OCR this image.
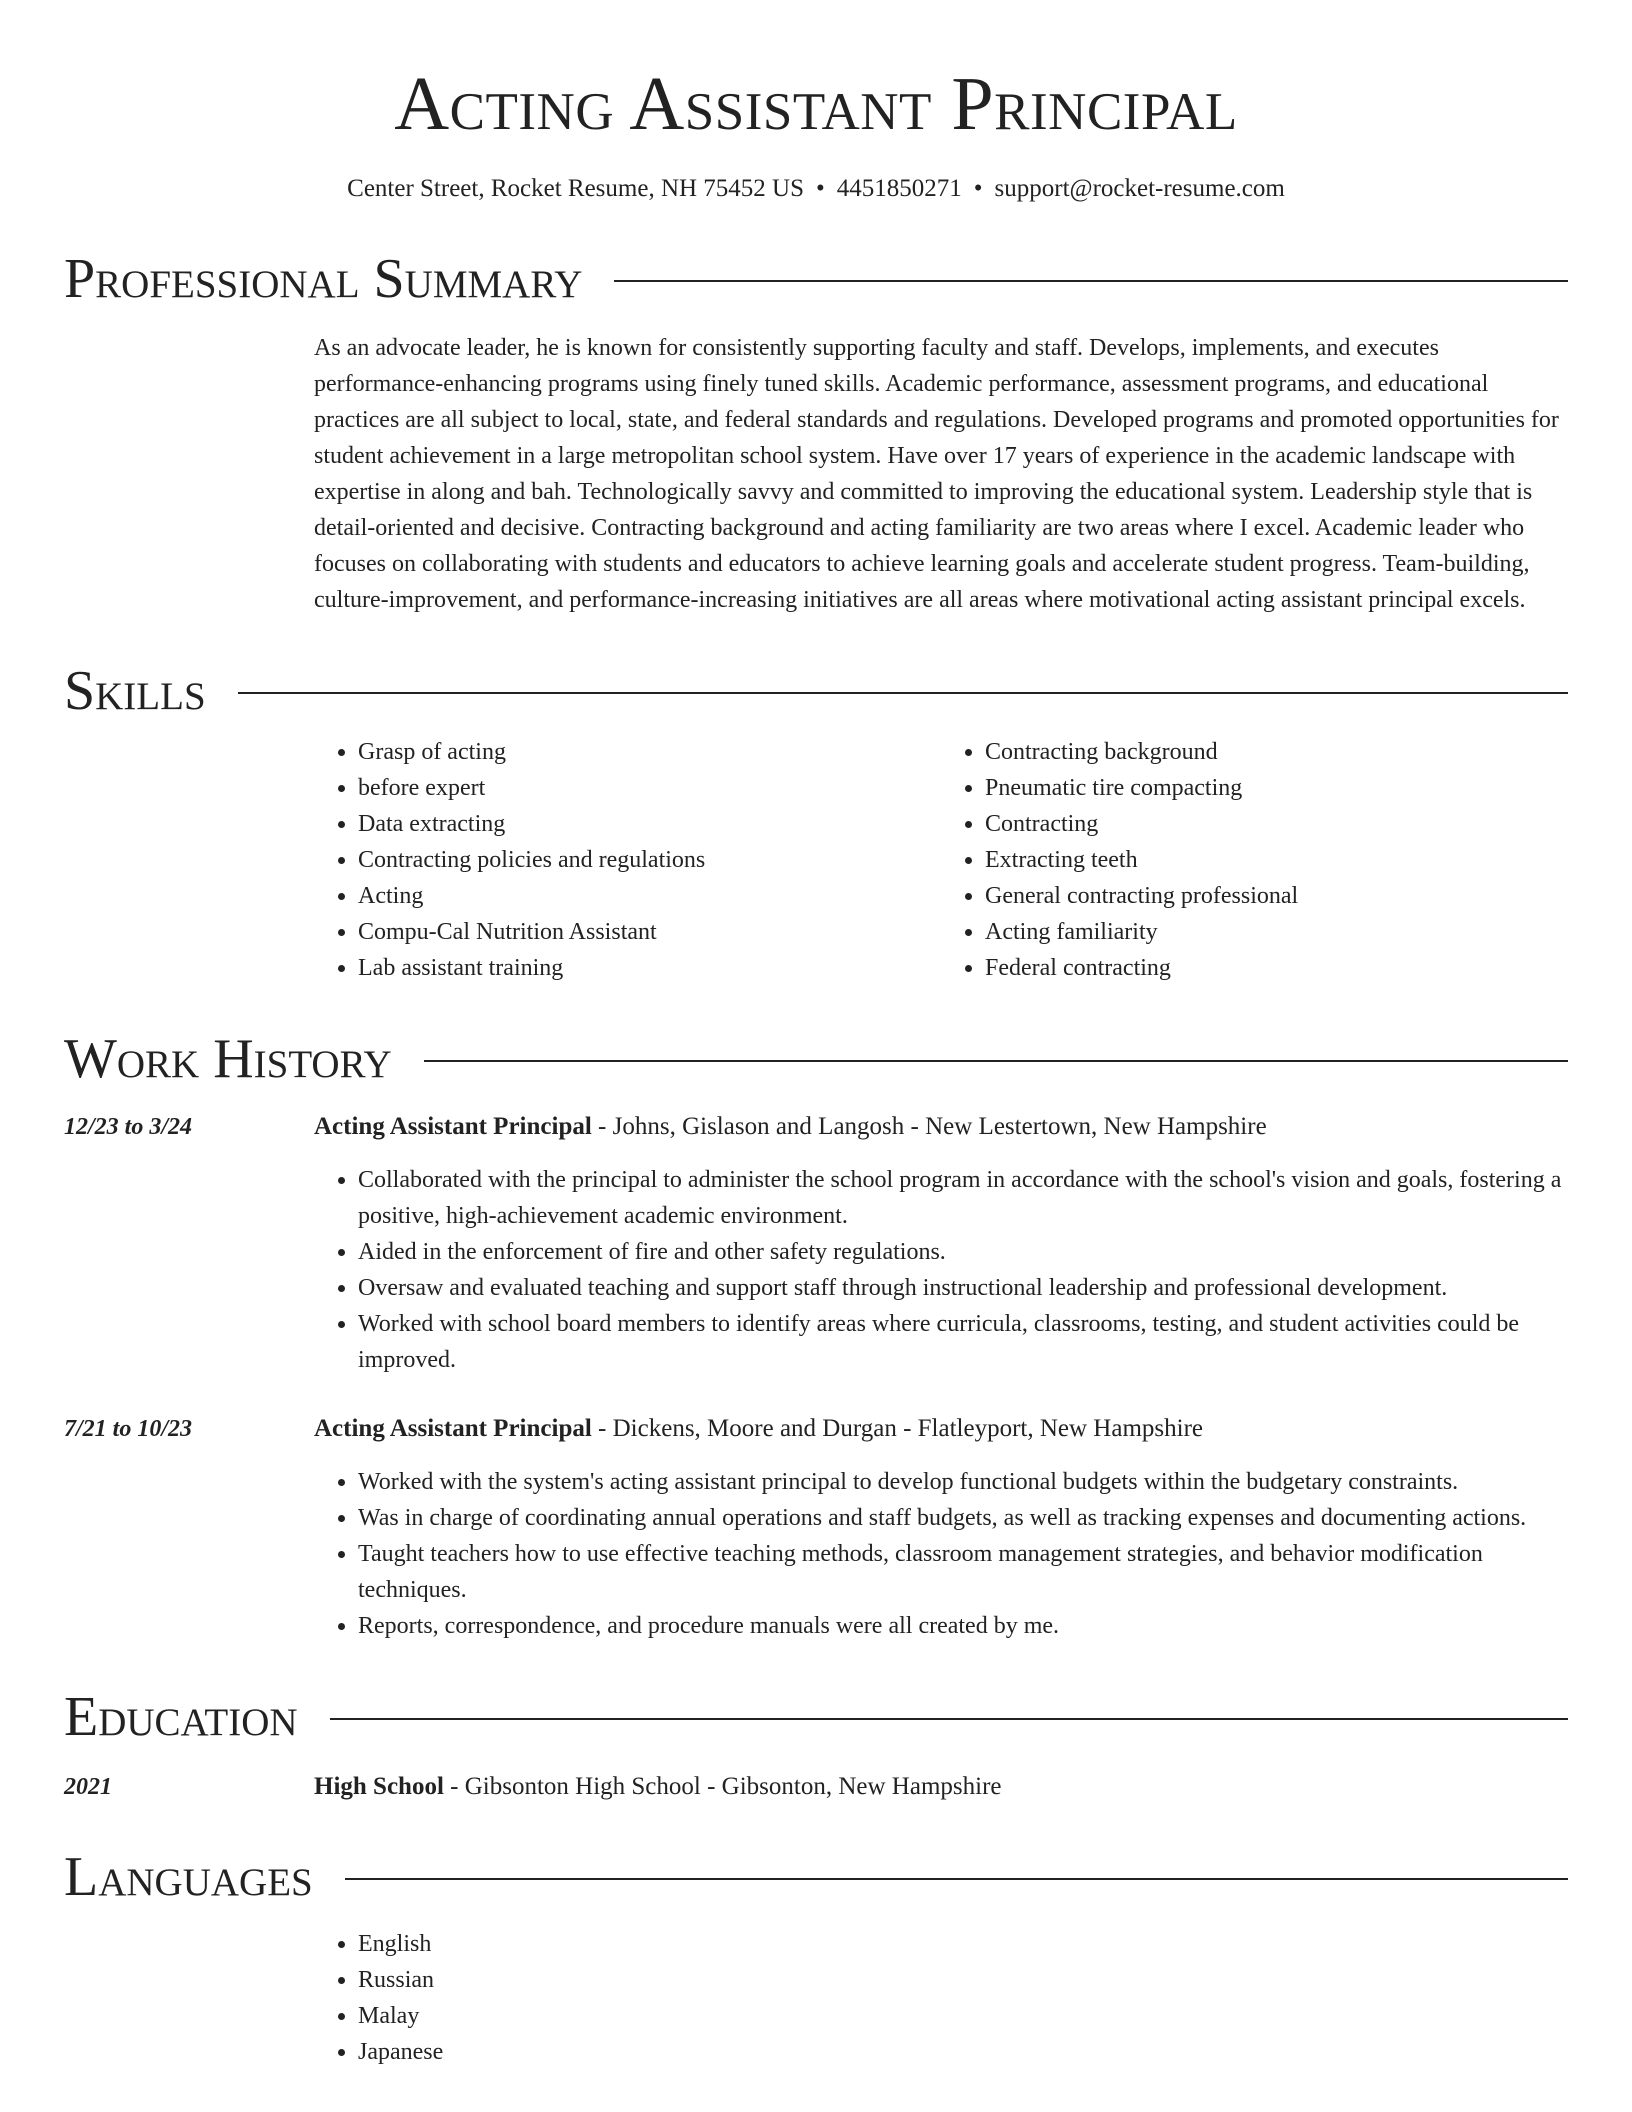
Acting Assistant Principal
Center Street, Rocket Resume, NH 75452 US • 4451850271 • support@rocket-resume.com
Professional Summary
As an advocate leader, he is known for consistently supporting faculty and staff. Develops, implements, and executes performance-enhancing programs using finely tuned skills. Academic performance, assessment programs, and educational practices are all subject to local, state, and federal standards and regulations. Developed programs and promoted opportunities for student achievement in a large metropolitan school system. Have over 17 years of experience in the academic landscape with expertise in along and bah. Technologically savvy and committed to improving the educational system. Leadership style that is detail-oriented and decisive. Contracting background and acting familiarity are two areas where I excel. Academic leader who focuses on collaborating with students and educators to achieve learning goals and accelerate student progress. Team-building, culture-improvement, and performance-increasing initiatives are all areas where motivational acting assistant principal excels.
Skills
• Grasp of acting
• before expert
• Data extracting
• Contracting policies and regulations
• Acting
• Compu-Cal Nutrition Assistant
• Lab assistant training
• Contracting background
• Pneumatic tire compacting
• Contracting
• Extracting teeth
• General contracting professional
• Acting familiarity
• Federal contracting
Work History
12/23 to 3/24	Acting Assistant Principal - Johns, Gislason and Langosh - New Lestertown, New Hampshire
• Collaborated with the principal to administer the school program in accordance with the school's vision and goals, fostering a positive, high-achievement academic environment.
• Aided in the enforcement of fire and other safety regulations.
• Oversaw and evaluated teaching and support staff through instructional leadership and professional development.
• Worked with school board members to identify areas where curricula, classrooms, testing, and student activities could be improved.
7/21 to 10/23	Acting Assistant Principal - Dickens, Moore and Durgan - Flatleyport, New Hampshire
• Worked with the system's acting assistant principal to develop functional budgets within the budgetary constraints.
• Was in charge of coordinating annual operations and staff budgets, as well as tracking expenses and documenting actions.
• Taught teachers how to use effective teaching methods, classroom management strategies, and behavior modification techniques.
• Reports, correspondence, and procedure manuals were all created by me.
Education
2021	High School - Gibsonton High School - Gibsonton, New Hampshire
Languages
• English
• Russian
• Malay
• Japanese
